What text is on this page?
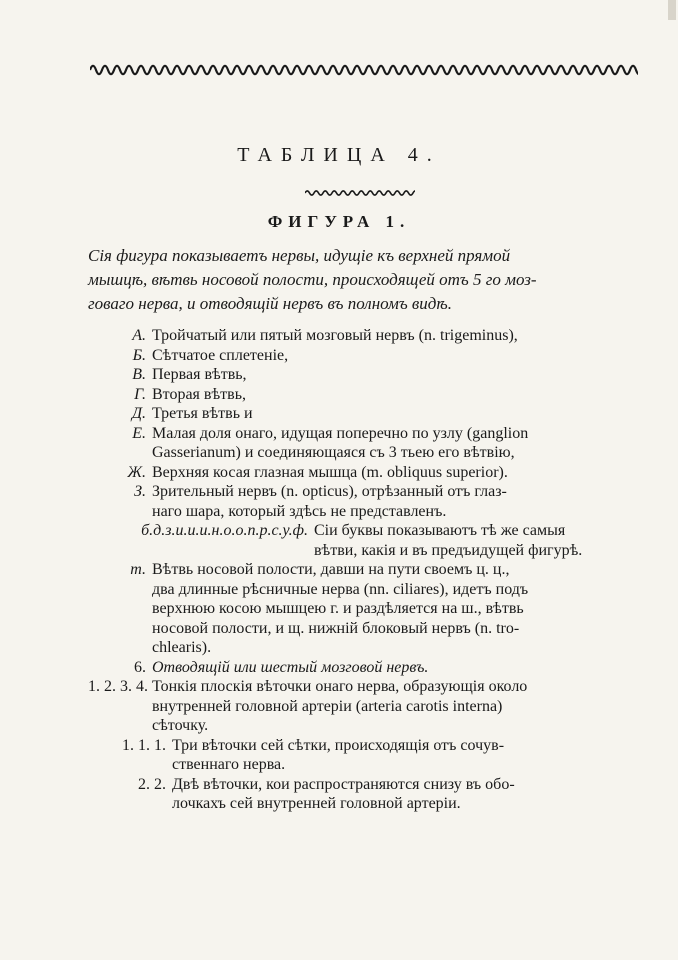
ТАБЛИЦА 4.
ФИГУРА 1.
Сія фигура показываетъ нервы, идущіе къ верхней прямой
мышцѣ, вѣтвь носовой полости, происходящей отъ 5 го моз-
говаго нерва, и отводящій нервъ въ полномъ видѣ.
А. Тройчатый или пятый мозговый нервъ (n. trigeminus),
Б. Сѣтчатое сплетеніе,
В. Первая вѣтвь,
Г. Вторая вѣтвь,
Д. Третья вѣтвь и
Е. Малая доля онаго, идущая поперечно по узлу (ganglion
Gasserianum) и соединяющаяся съ 3 тьею его вѣтвію,
Ж. Верхняя косая глазная мышца (m. obliquus superior).
З. Зрительный нервъ (n. opticus), отрѣзанный отъ глаз-
наго шара, который здѣсь не представленъ.
б.д.з.и.и.и.н.о.о.п.р.с.у.ф. Сіи буквы показываютъ тѣ же самыя
вѣтви, какія и въ предъидущей фигурѣ.
т. Вѣтвь носовой полости, давши на пути своемъ ц. ц.,
два длинные рѣсничные нерва (nn. ciliares), идетъ подъ
верхнюю косою мышцею г. и раздѣляется на ш., вѣтвь
носовой полости, и щ. нижній блоковый нервъ (n. tro-
chlearis).
6. Отводящій или шестый мозговой нервъ.
1. 2. 3. 4. Тонкія плоскія вѣточки онаго нерва, образующія около
внутренней головной артеріи (arteria carotis interna)
сѣточку.
1. 1. 1. Три вѣточки сей сѣтки, происходящія отъ сочув-
ственнаго нерва.
2. 2. Двѣ вѣточки, кои распространяются снизу въ обо-
лочкахъ сей внутренней головной артеріи.
